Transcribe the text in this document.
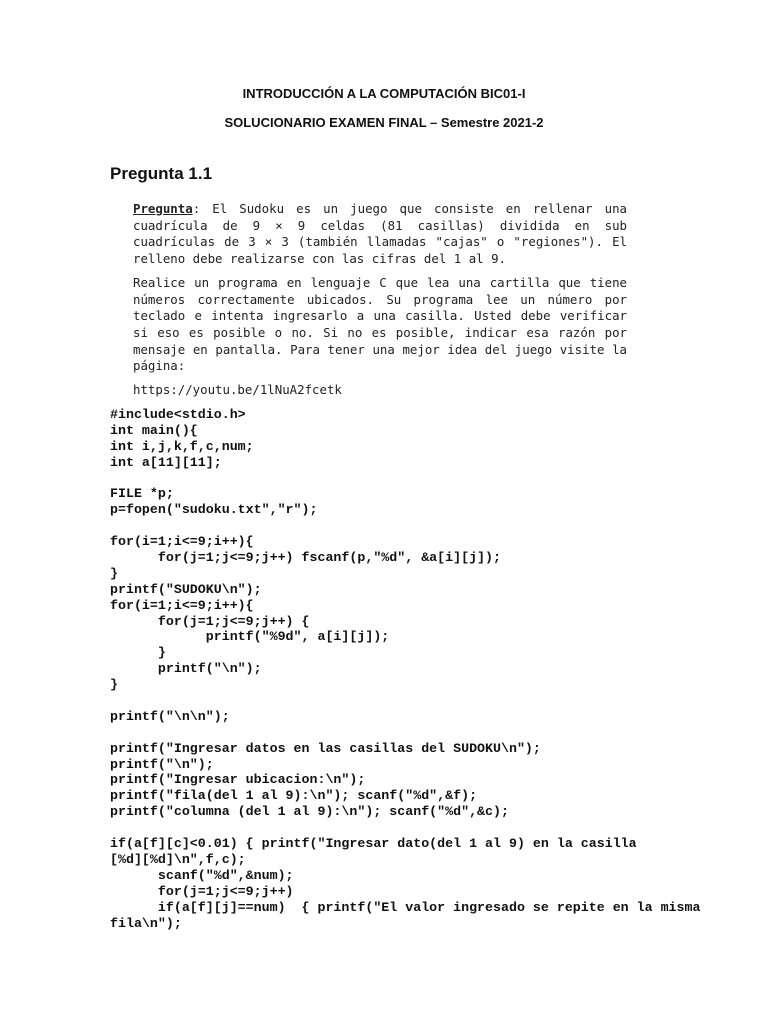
INTRODUCCIÓN A LA COMPUTACIÓN BIC01-I
SOLUCIONARIO EXAMEN FINAL – Semestre 2021-2
Pregunta 1.1

Pregunta: El Sudoku es un juego que consiste en rellenar una cuadrícula de 9 × 9 celdas (81 casillas) dividida en sub cuadrículas de 3 × 3 (también llamadas "cajas" o "regiones"). El relleno debe realizarse con las cifras del 1 al 9.

Realice un programa en lenguaje C que lea una cartilla que tiene números correctamente ubicados. Su programa lee un número por teclado e intenta ingresarlo a una casilla. Usted debe verificar si eso es posible o no. Si no es posible, indicar esa razón por mensaje en pantalla. Para tener una mejor idea del juego visite la página:

https://youtu.be/1lNuA2fcetk

#include<stdio.h>
int main(){
int i,j,k,f,c,num;
int a[11][11];
FILE *p;
p=fopen("sudoku.txt","r");
for(i=1;i<=9;i++){
for(j=1;j<=9;j++) fscanf(p,"%d", &a[i][j]);
}
printf("SUDOKU\n");
for(i=1;i<=9;i++){
for(j=1;j<=9;j++) {
printf("%9d", a[i][j]);
}
printf("\n");
}
printf("\n\n");
printf("Ingresar datos en las casillas del SUDOKU\n");
printf("\n");
printf("Ingresar ubicacion:\n");
printf("fila(del 1 al 9):\n"); scanf("%d",&f);
printf("columna (del 1 al 9):\n"); scanf("%d",&c);
if(a[f][c]<0.01) { printf("Ingresar dato(del 1 al 9) en la casilla
[%d][%d]\n",f,c);
scanf("%d",&num);
for(j=1;j<=9;j++)
if(a[f][j]==num)  { printf("El valor ingresado se repite en la misma
fila\n");
